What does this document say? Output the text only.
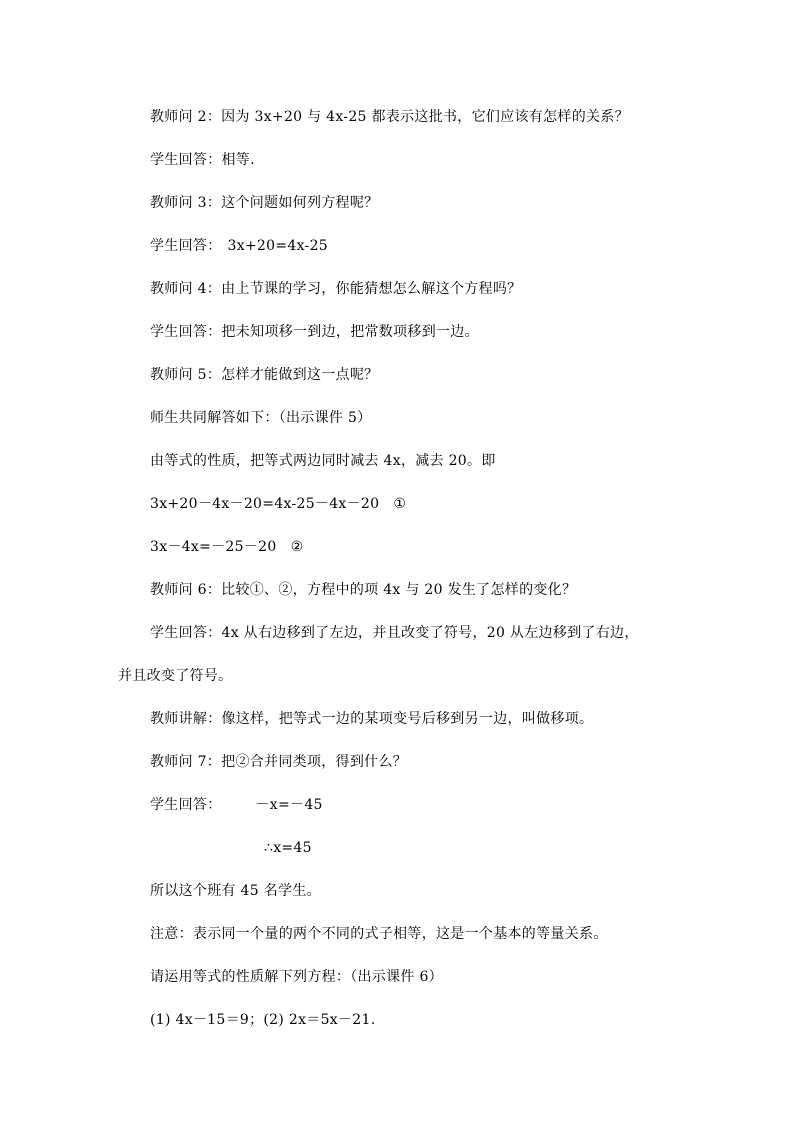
教师问 2：因为 3x+20 与 4x-25 都表示这批书，它们应该有怎样的关系？
学生回答：相等.
教师问 3：这个问题如何列方程呢？
学生回答： 3x+20=4x-25
教师问 4：由上节课的学习，你能猜想怎么解这个方程吗？
学生回答：把未知项移一到边，把常数项移到一边。
教师问 5：怎样才能做到这一点呢？
师生共同解答如下：（出示课件 5）
由等式的性质，把等式两边同时减去 4x，减去 20。即
3x+20－4x－20=4x-25－4x－20 ①
3x－4x=－25－20 ②
教师问 6：比较①、②，方程中的项 4x 与 20 发生了怎样的变化？
学生回答：4x 从右边移到了左边，并且改变了符号，20 从左边移到了右边，
并且改变了符号。
教师讲解：像这样，把等式一边的某项变号后移到另一边，叫做移项。
教师问 7：把②合并同类项，得到什么？
学生回答： －x=－45
∴x=45
所以这个班有 45 名学生。
注意：表示同一个量的两个不同的式子相等，这是一个基本的等量关系。
请运用等式的性质解下列方程：（出示课件 6）
(1) 4x－15＝9；(2) 2x＝5x－21.
